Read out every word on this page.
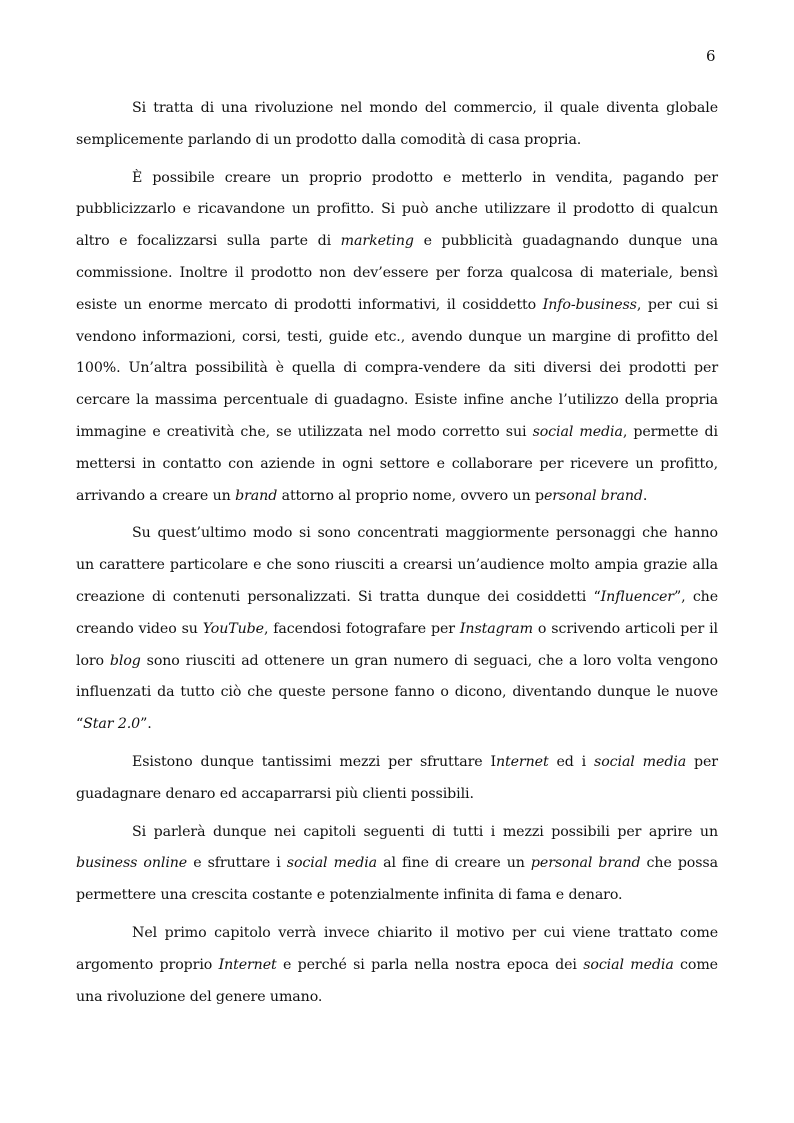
6

Si tratta di una rivoluzione nel mondo del commercio, il quale diventa globale semplicemente parlando di un prodotto dalla comodità di casa propria.

È possibile creare un proprio prodotto e metterlo in vendita, pagando per pubblicizzarlo e ricavandone un profitto. Si può anche utilizzare il prodotto di qualcun altro e focalizzarsi sulla parte di marketing e pubblicità guadagnando dunque una commissione. Inoltre il prodotto non dev’essere per forza qualcosa di materiale, bensì esiste un enorme mercato di prodotti informativi, il cosiddetto Info-business, per cui si vendono informazioni, corsi, testi, guide etc., avendo dunque un margine di profitto del 100%. Un’altra possibilità è quella di compra-vendere da siti diversi dei prodotti per cercare la massima percentuale di guadagno. Esiste infine anche l’utilizzo della propria immagine e creatività che, se utilizzata nel modo corretto sui social media, permette di mettersi in contatto con aziende in ogni settore e collaborare per ricevere un profitto, arrivando a creare un brand attorno al proprio nome, ovvero un personal brand.

Su quest’ultimo modo si sono concentrati maggiormente personaggi che hanno un carattere particolare e che sono riusciti a crearsi un’audience molto ampia grazie alla creazione di contenuti personalizzati. Si tratta dunque dei cosiddetti “Influencer”, che creando video su YouTube, facendosi fotografare per Instagram o scrivendo articoli per il loro blog sono riusciti ad ottenere un gran numero di seguaci, che a loro volta vengono influenzati da tutto ciò che queste persone fanno o dicono, diventando dunque le nuove “Star 2.0”.

Esistono dunque tantissimi mezzi per sfruttare Internet ed i social media per guadagnare denaro ed accaparrarsi più clienti possibili.

Si parlerà dunque nei capitoli seguenti di tutti i mezzi possibili per aprire un business online e sfruttare i social media al fine di creare un personal brand che possa permettere una crescita costante e potenzialmente infinita di fama e denaro.

Nel primo capitolo verrà invece chiarito il motivo per cui viene trattato come argomento proprio Internet e perché si parla nella nostra epoca dei social media come una rivoluzione del genere umano.
